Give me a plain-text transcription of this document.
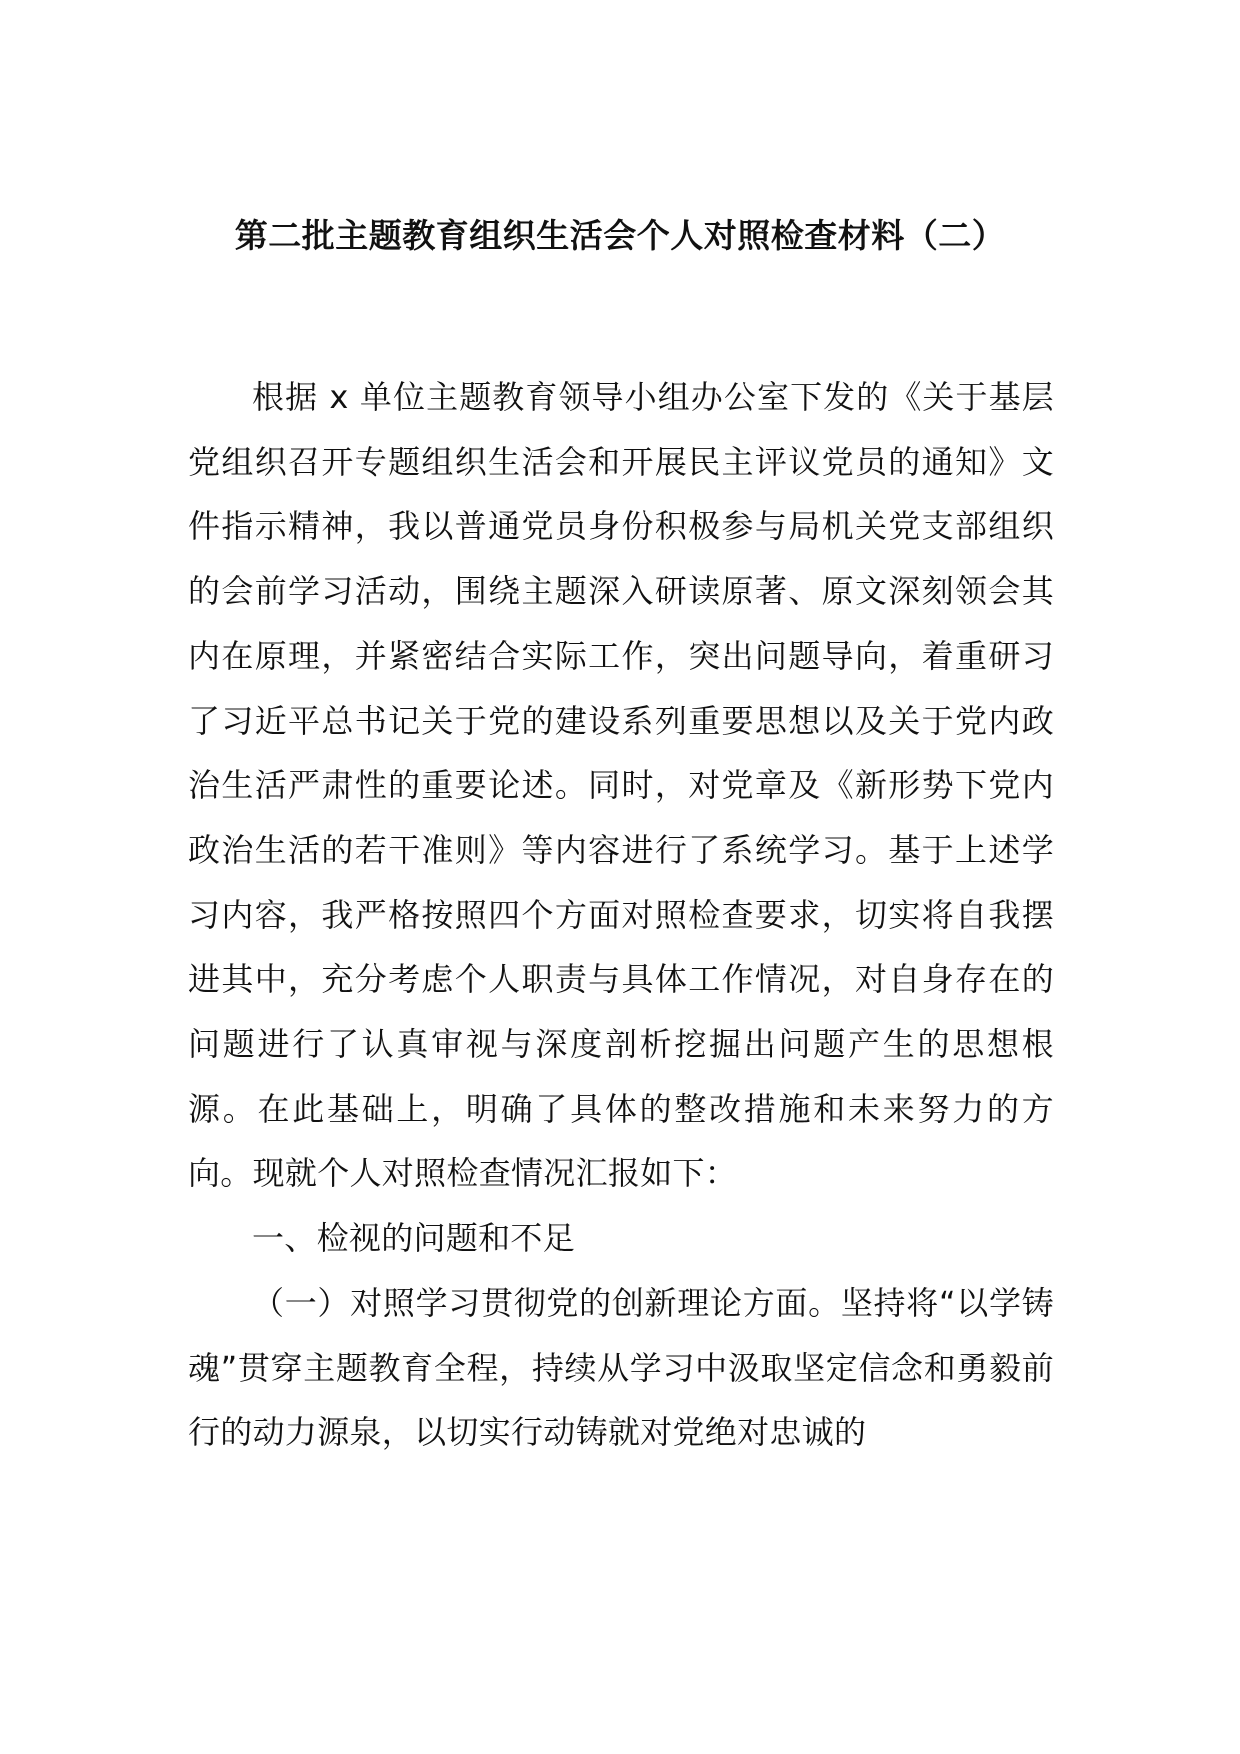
第二批主题教育组织生活会个人对照检查材料（二）

根据 x 单位主题教育领导小组办公室下发的《关于基层党组织召开专题组织生活会和开展民主评议党员的通知》文件指示精神，我以普通党员身份积极参与局机关党支部组织的会前学习活动，围绕主题深入研读原著、原文深刻领会其内在原理，并紧密结合实际工作，突出问题导向，着重研习了习近平总书记关于党的建设系列重要思想以及关于党内政治生活严肃性的重要论述。同时，对党章及《新形势下党内政治生活的若干准则》等内容进行了系统学习。基于上述学习内容，我严格按照四个方面对照检查要求，切实将自我摆进其中，充分考虑个人职责与具体工作情况，对自身存在的问题进行了认真审视与深度剖析挖掘出问题产生的思想根源。在此基础上，明确了具体的整改措施和未来努力的方向。现就个人对照检查情况汇报如下：

一、检视的问题和不足

（一）对照学习贯彻党的创新理论方面。坚持将“以学铸魂”贯穿主题教育全程，持续从学习中汲取坚定信念和勇毅前行的动力源泉，以切实行动铸就对党绝对忠诚的
